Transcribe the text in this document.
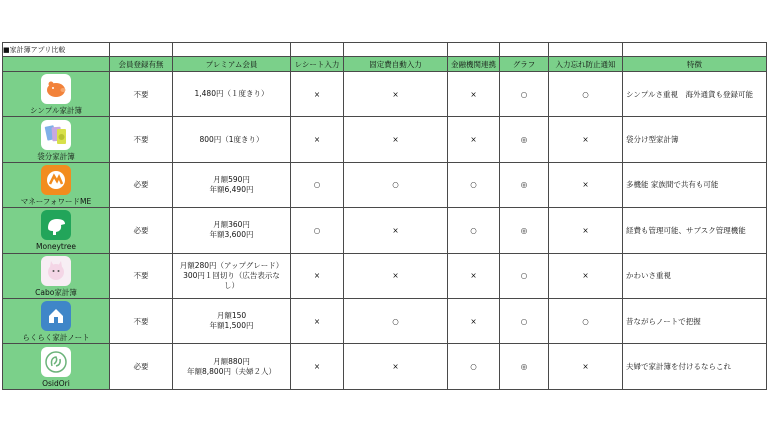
■家計簿アプリ比較								
	会員登録有無	プレミアム会員	レシート入力	固定費自動入力	金融機関連携	グラフ	入力忘れ防止通知	特徴

シンプル家計簿	不要	1,480円（１度きり）	×	×	×	○	○	シンプルさ重視　海外通貨も登録可能

袋分家計簿	不要	800円（1度きり）	×	×	×	◎	×	袋分け型家計簿

マネーフォワードME	必要	月額590円
年額6,490円	○	○	○	◎	×	多機能 家族間で共有も可能

Moneytree	必要	月額360円
年額3,600円	○	×	○	◎	×	経費も管理可能、サブスク管理機能

Cabo家計簿	不要	月額280円（アップグレード）
300円１回切り（広告表示な
し）	×	×	×	○	×	かわいさ重視

らくらく家計ノート	不要	月額150
年額1,500円	×	○	×	○	○	昔ながらノートで把握

OsidOri	必要	月額880円
年額8,800円（夫婦２人）	×	×	○	◎	×	夫婦で家計簿を付けるならこれ
